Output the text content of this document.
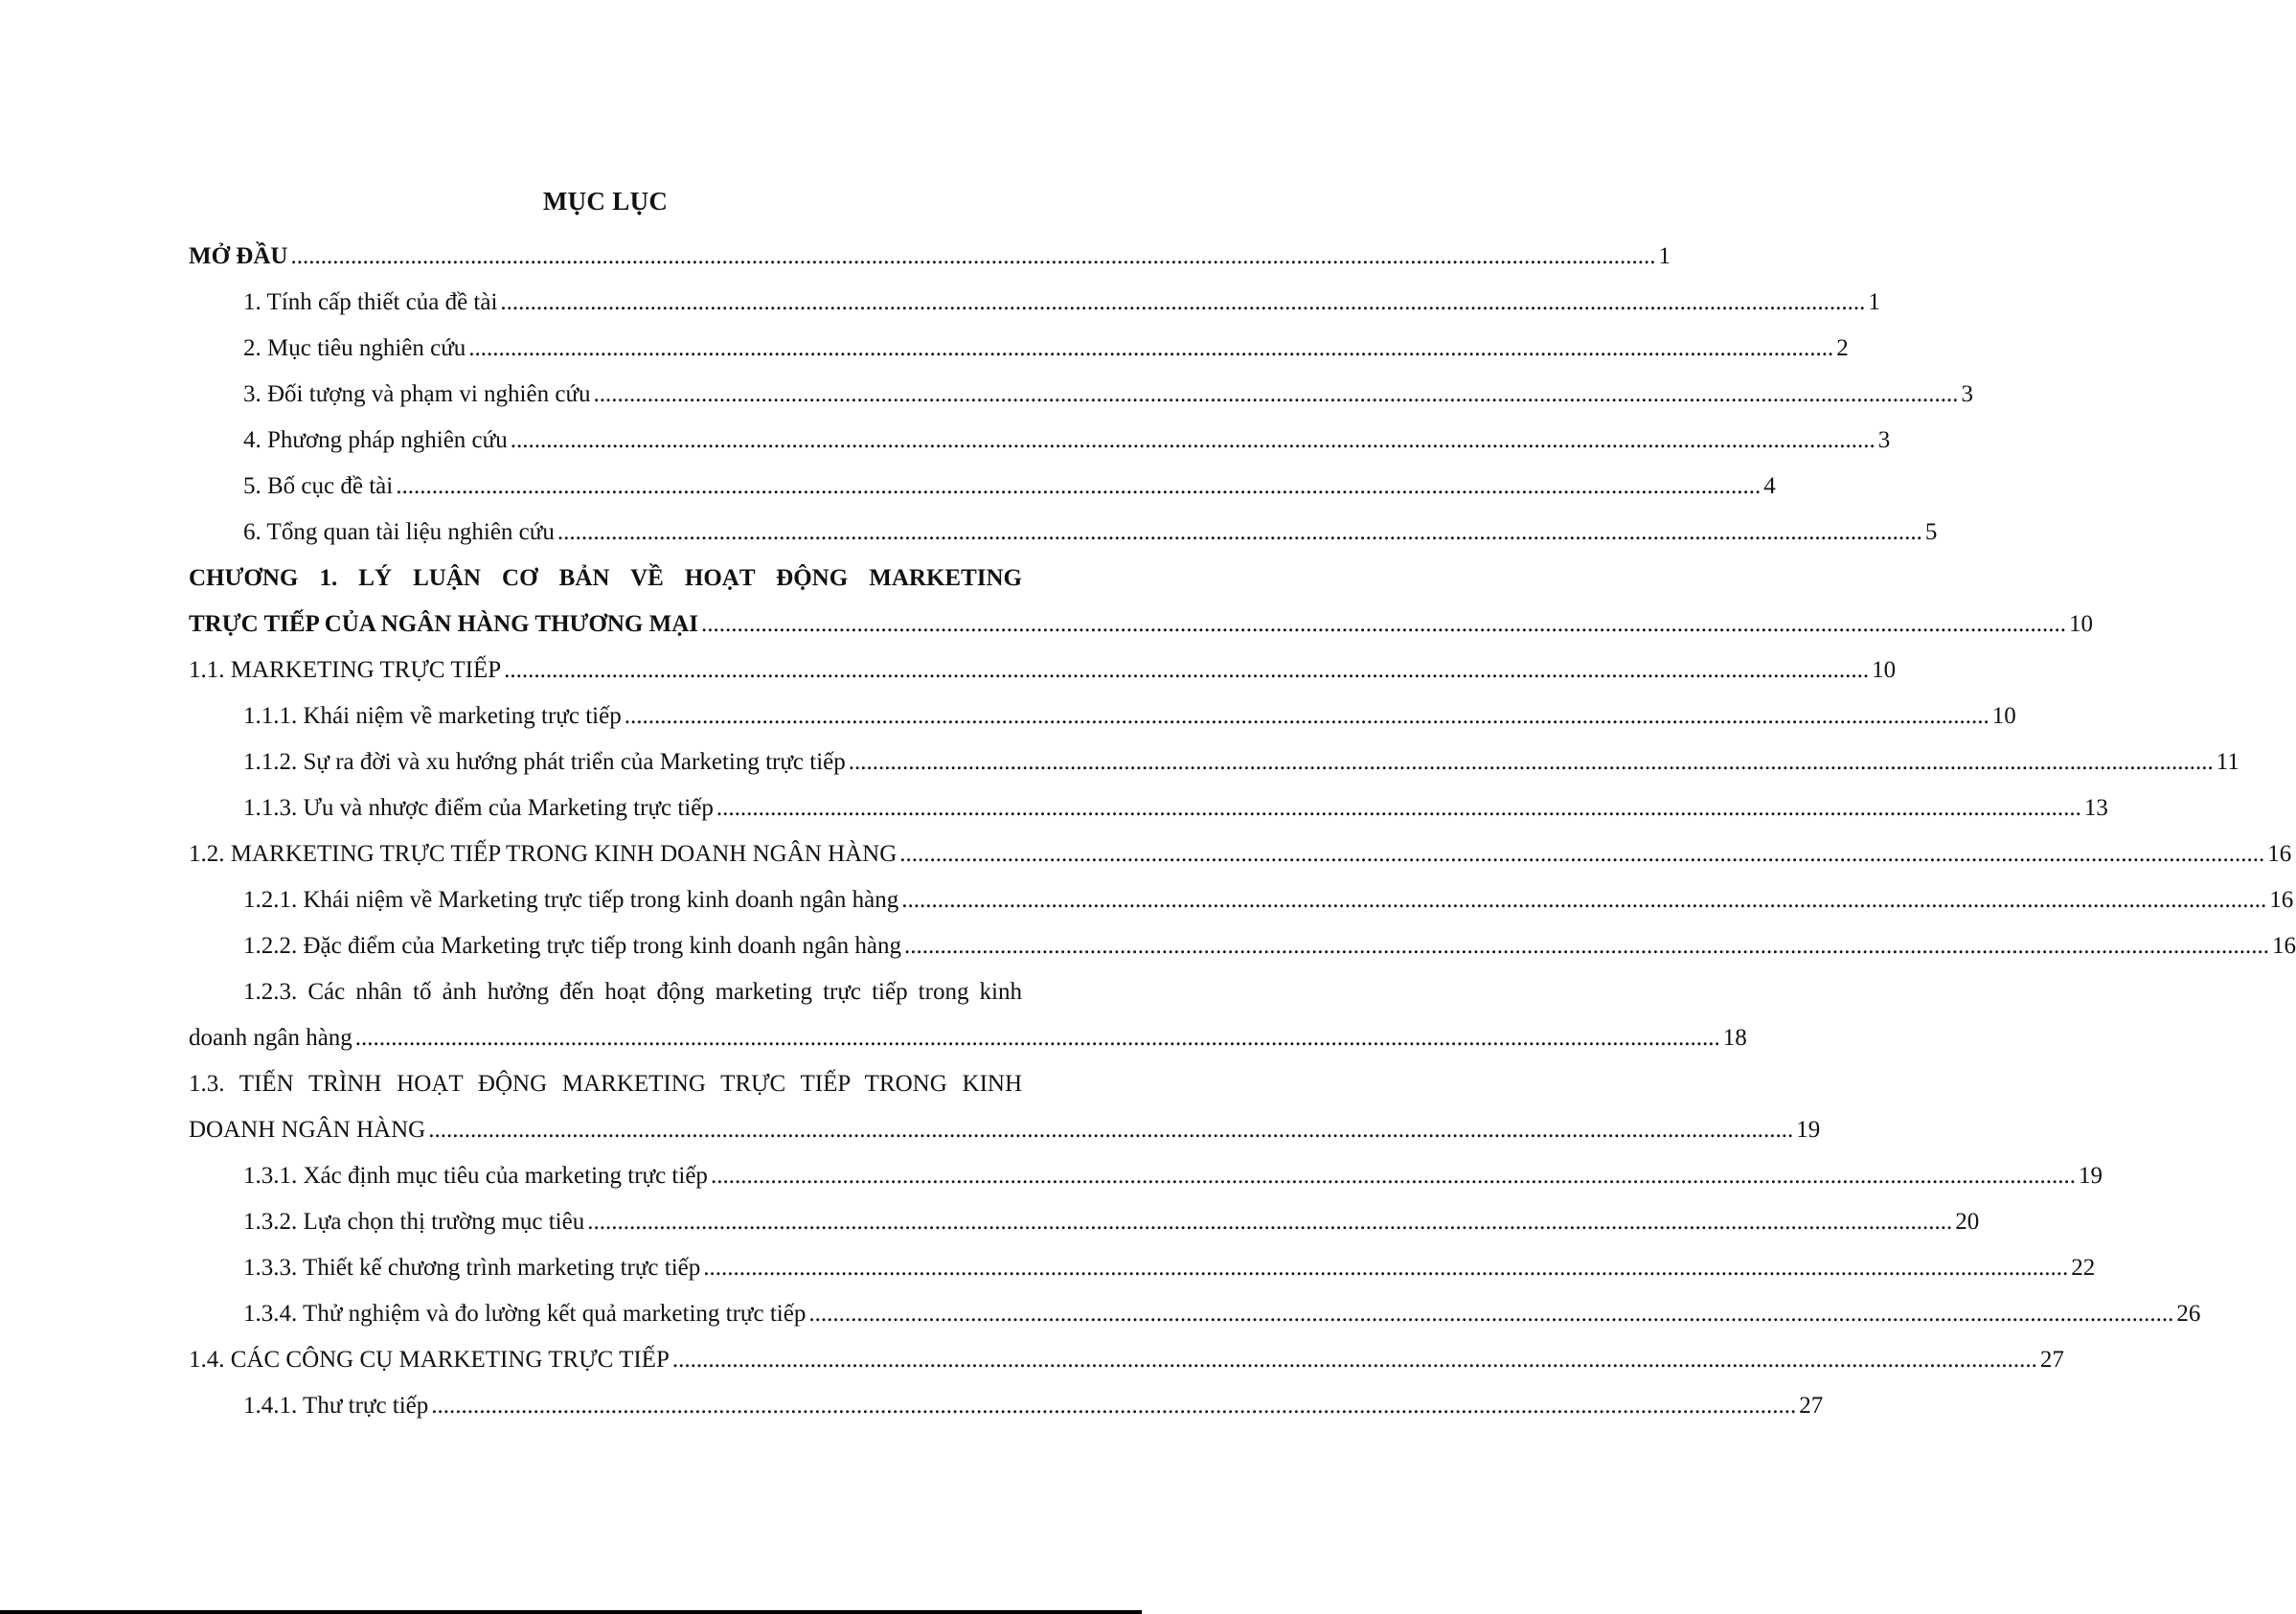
MỤC LỤC
MỞ ĐẦU .....	1
1. Tính cấp thiết của đề tài .....	1
2. Mục tiêu nghiên cứu .....	2
3. Đối tượng và phạm vi nghiên cứu .....	3
4. Phương pháp nghiên cứu .....	3
5. Bố cục đề tài .....	4
6. Tổng quan tài liệu nghiên cứu .....	5
CHƯƠNG 1. LÝ LUẬN CƠ BẢN VỀ HOẠT ĐỘNG MARKETING
TRỰC TIẾP CỦA NGÂN HÀNG THƯƠNG MẠI .....	10
1.1. MARKETING TRỰC TIẾP .....	10
1.1.1. Khái niệm về marketing trực tiếp .....	10
1.1.2. Sự ra đời và xu hướng phát triển của Marketing trực tiếp .....	11
1.1.3. Ưu và nhược điểm của Marketing trực tiếp .....	13
1.2. MARKETING TRỰC TIẾP TRONG KINH DOANH NGÂN HÀNG .....	16
1.2.1. Khái niệm về Marketing trực tiếp trong kinh doanh ngân hàng .....	16
1.2.2. Đặc điểm của Marketing trực tiếp trong kinh doanh ngân hàng .....	16
1.2.3. Các nhân tố ảnh hưởng đến hoạt động marketing trực tiếp trong kinh
doanh ngân hàng .....	18
1.3. TIẾN TRÌNH HOẠT ĐỘNG MARKETING TRỰC TIẾP TRONG KINH
DOANH NGÂN HÀNG .....	19
1.3.1. Xác định mục tiêu của marketing trực tiếp .....	19
1.3.2. Lựa chọn thị trường mục tiêu .....	20
1.3.3. Thiết kế chương trình marketing trực tiếp .....	22
1.3.4. Thử nghiệm và đo lường kết quả marketing trực tiếp .....	26
1.4. CÁC CÔNG CỤ MARKETING TRỰC TIẾP .....	27
1.4.1. Thư trực tiếp .....	27
